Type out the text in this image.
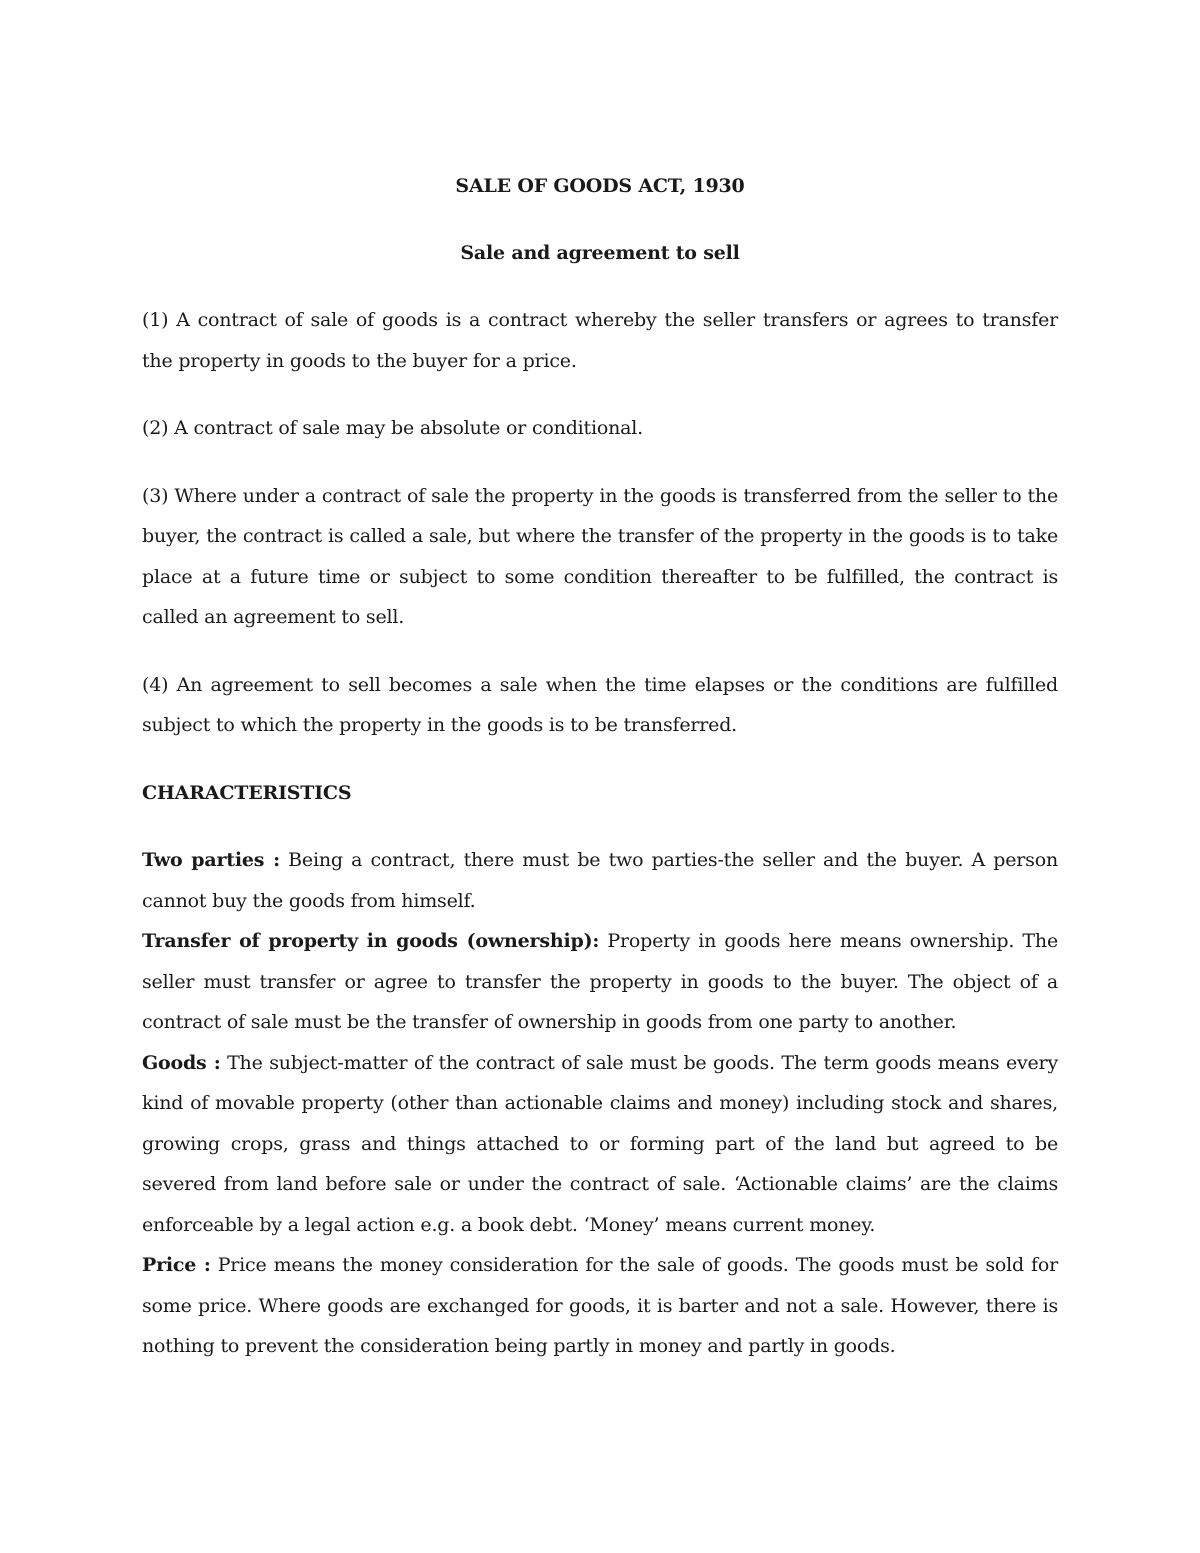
SALE OF GOODS ACT, 1930
Sale and agreement to sell

(1) A contract of sale of goods is a contract whereby the seller transfers or agrees to transfer the property in goods to the buyer for a price.

(2) A contract of sale may be absolute or conditional.

(3) Where under a contract of sale the property in the goods is transferred from the seller to the buyer, the contract is called a sale, but where the transfer of the property in the goods is to take place at a future time or subject to some condition thereafter to be fulfilled, the contract is called an agreement to sell.

(4) An agreement to sell becomes a sale when the time elapses or the conditions are fulfilled subject to which the property in the goods is to be transferred.

CHARACTERISTICS

Two parties : Being a contract, there must be two parties-the seller and the buyer. A person cannot buy the goods from himself.

Transfer of property in goods (ownership): Property in goods here means ownership. The seller must transfer or agree to transfer the property in goods to the buyer. The object of a contract of sale must be the transfer of ownership in goods from one party to another.

Goods : The subject-matter of the contract of sale must be goods. The term goods means every kind of movable property (other than actionable claims and money) including stock and shares, growing crops, grass and things attached to or forming part of the land but agreed to be severed from land before sale or under the contract of sale. ‘Actionable claims’ are the claims enforceable by a legal action e.g. a book debt. ‘Money’ means current money.

Price : Price means the money consideration for the sale of goods. The goods must be sold for some price. Where goods are exchanged for goods, it is barter and not a sale. However, there is nothing to prevent the consideration being partly in money and partly in goods.
